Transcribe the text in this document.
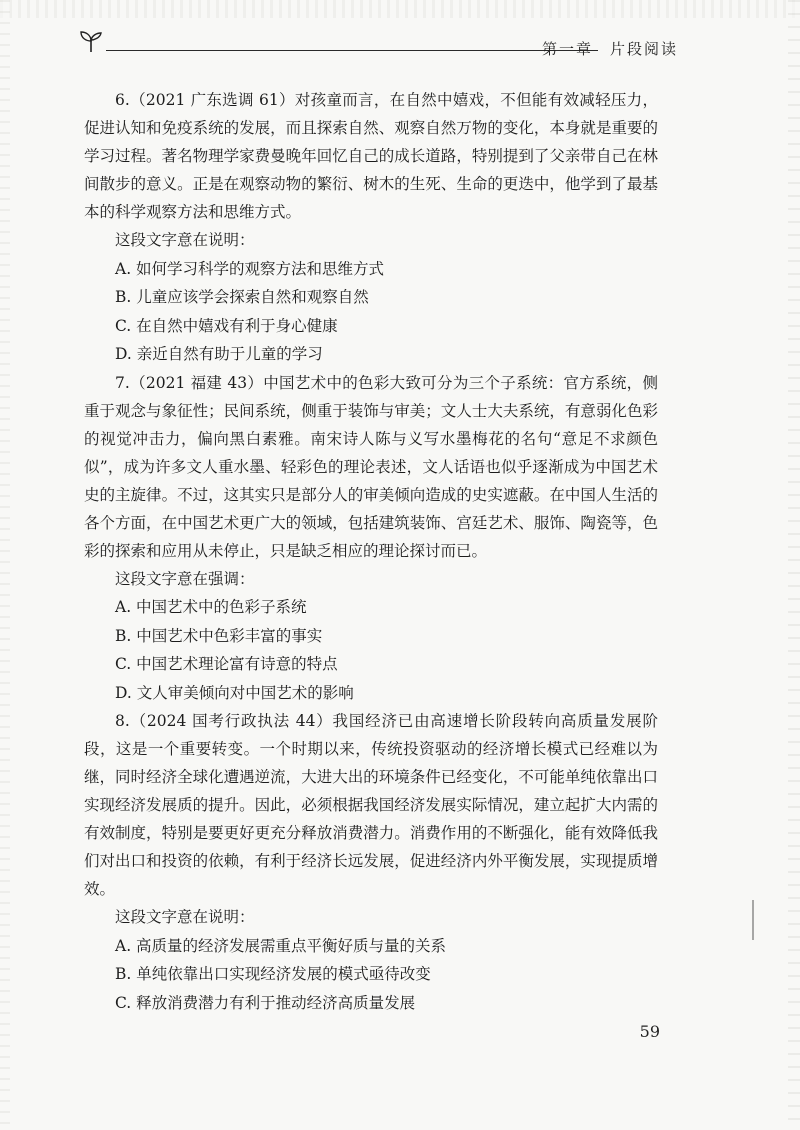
第一章　片段阅读

6.（2021 广东选调 61）对孩童而言，在自然中嬉戏，不但能有效减轻压力，促进认知和免疫系统的发展，而且探索自然、观察自然万物的变化，本身就是重要的学习过程。著名物理学家费曼晚年回忆自己的成长道路，特别提到了父亲带自己在林间散步的意义。正是在观察动物的繁衍、树木的生死、生命的更迭中，他学到了最基本的科学观察方法和思维方式。

这段文字意在说明：

A. 如何学习科学的观察方法和思维方式

B. 儿童应该学会探索自然和观察自然

C. 在自然中嬉戏有利于身心健康

D. 亲近自然有助于儿童的学习

7.（2021 福建 43）中国艺术中的色彩大致可分为三个子系统：官方系统，侧重于观念与象征性；民间系统，侧重于装饰与审美；文人士大夫系统，有意弱化色彩的视觉冲击力，偏向黑白素雅。南宋诗人陈与义写水墨梅花的名句“意足不求颜色似”，成为许多文人重水墨、轻彩色的理论表述，文人话语也似乎逐渐成为中国艺术史的主旋律。不过，这其实只是部分人的审美倾向造成的史实遮蔽。在中国人生活的各个方面，在中国艺术更广大的领域，包括建筑装饰、宫廷艺术、服饰、陶瓷等，色彩的探索和应用从未停止，只是缺乏相应的理论探讨而已。

这段文字意在强调：

A. 中国艺术中的色彩子系统

B. 中国艺术中色彩丰富的事实

C. 中国艺术理论富有诗意的特点

D. 文人审美倾向对中国艺术的影响

8.（2024 国考行政执法 44）我国经济已由高速增长阶段转向高质量发展阶段，这是一个重要转变。一个时期以来，传统投资驱动的经济增长模式已经难以为继，同时经济全球化遭遇逆流，大进大出的环境条件已经变化，不可能单纯依靠出口实现经济发展质的提升。因此，必须根据我国经济发展实际情况，建立起扩大内需的有效制度，特别是要更好更充分释放消费潜力。消费作用的不断强化，能有效降低我们对出口和投资的依赖，有利于经济长远发展，促进经济内外平衡发展，实现提质增效。

这段文字意在说明：

A. 高质量的经济发展需重点平衡好质与量的关系

B. 单纯依靠出口实现经济发展的模式亟待改变

C. 释放消费潜力有利于推动经济高质量发展

59
